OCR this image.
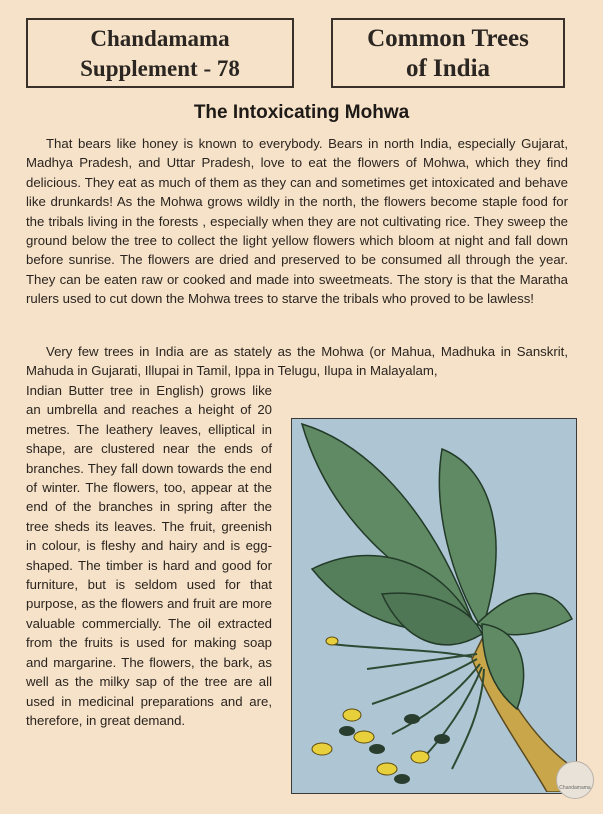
Chandamama
Supplement - 78
Common Trees
of India
The Intoxicating Mohwa
That bears like honey is known to everybody. Bears in north India, especially Gujarat, Madhya Pradesh, and Uttar Pradesh, love to eat the flowers of Mohwa, which they find delicious. They eat as much of them as they can and sometimes get intoxicated and behave like drunkards! As the Mohwa grows wildly in the north, the flowers become staple food for the tribals living in the forests , especially when they are not cultivating rice. They sweep the ground below the tree to collect the light yellow flowers which bloom at night and fall down before sunrise. The flowers are dried and preserved to be consumed all through the year. They can be eaten raw or cooked and made into sweetmeats. The story is that the Maratha rulers used to cut down the Mohwa trees to starve the tribals who proved to be lawless!
Very few trees in India are as stately as the Mohwa (or Mahua, Madhuka in Sanskrit, Mahuda in Gujarati, Illupai in Tamil, Ippa in Telugu, Ilupa in Malayalam,
Indian Butter tree in English) grows like an umbrella and reaches a height of 20 metres. The leathery leaves, elliptical in shape, are clustered near the ends of branches. They fall down towards the end of winter. The flowers, too, appear at the end of the branches in spring after the tree sheds its leaves. The fruit, greenish in colour, is fleshy and hairy and is egg-shaped. The timber is hard and good for furniture, but is seldom used for that purpose, as the flowers and fruit are more valuable commercially. The oil extracted from the fruits is used for making soap and margarine. The flowers, the bark, as well as the milky sap of the tree are all used in medicinal preparations and are, therefore, in great demand.
Chandamama
